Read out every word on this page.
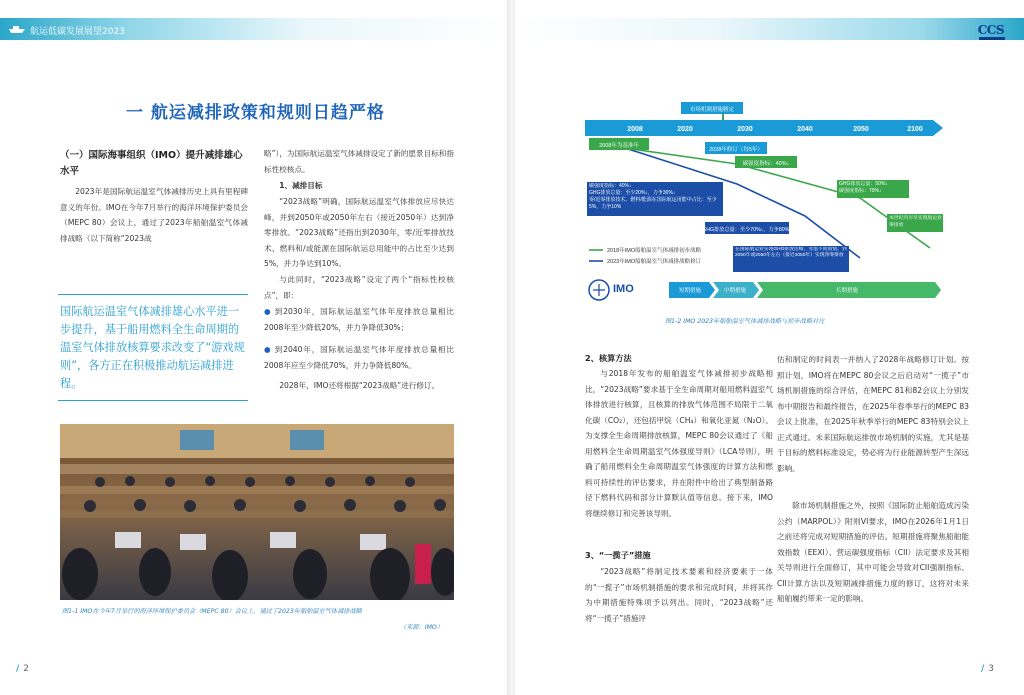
航运低碳发展展望2023
一 航运减排政策和规则日趋严格
（一）国际海事组织（IMO）提升减排雄心水平
2023年是国际航运温室气体减排历史上具有里程碑意义的年份。IMO在今年7月举行的海洋环境保护委员会（MEPC 80）会议上，通过了2023年船舶温室气体减排战略（以下简称“2023战
国际航运温室气体减排雄心水平进一步提升，基于船用燃料全生命周期的温室气体排放核算要求改变了“游戏规则”，各方正在积极推动航运减排进程。
略”），为国际航运温室气体减排设定了新的愿景目标和指标性校核点。
1、减排目标
“2023战略”明确，国际航运温室气体排放应尽快达峰，并到2050年或2050年左右（接近2050年）达到净零排放。“2023战略”还指出到2030年，零/近零排放技术、燃料和/或能源在国际航运总用能中的占比至少达到5%，并力争达到10%。
与此同时，“2023战略”设定了两个“指标性校核点”，即：
● 到2030年，国际航运温室气体年度排放总量相比2008年至少降低20%，并力争降低30%；
● 到2040年，国际航运温室气体年度排放总量相比2008年应至少降低70%，并力争降低80%。
2028年，IMO还将根据“2023战略”进行修订。
图1-1 IMO在今年7月举行的海洋环境保护委员会（MEPC 80）会议上，通过了2023年船舶温室气体减排战略
（来源：IMO）
/ 2
CCS
2008	2020	2030	2040	2050	2100
市场机制措施制定
2008年为基准年
2028年修订（每5年）
碳强度指标：40%↓
碳强度指标：40%↓
GHG排放总量：至少20%↓，力争30%↓
零/近零排放技术、燃料/能源在国际航运用能中占比：至少5%，力争10%
GHG排放总量：至少70%↓，力争80%↓
GHG排放总量：50%↓
碳强度指标：70%↓
本世纪内尽早实现航运业零排放
在国际航运业实现GHG排放达峰，考虑不同国情，到2050年或2050年左右（接近2050年）实现净零排放
2018年IMO船舶温室气体减排初步战略
2023年IMO船舶温室气体减排战略修订
IMO	短期措施	中期措施	长期措施
图1-2 IMO 2023年船舶温室气体减排战略与初步战略对比
2、核算方法
与2018年发布的船舶温室气体减排初步战略相比，“2023战略”要求基于全生命周期对船用燃料温室气体排放进行核算，且核算的排放气体范围不局限于二氧化碳（CO₂），还包括甲烷（CH₄）和氧化亚氮（N₂O）。为支撑全生命周期排放核算，MEPC 80会议通过了《船用燃料全生命周期温室气体强度导则》（LCA导则），明确了船用燃料全生命周期温室气体强度的计算方法和燃料可持续性的评估要求，并在附件中给出了典型制备路径下燃料代码和部分计算默认值等信息。接下来，IMO将继续修订和完善该导则。
3、“一揽子”措施
“2023战略”将制定技术要素和经济要素于一体的“一揽子”市场机制措施的要求和完成时间，并将其作为中期措施特殊项予以列出。同时，“2023战略”还将“一揽子”措施评
估和制定的时间表一并纳入了2028年战略修订计划。按照计划，IMO将在MEPC 80会议之后启动对“一揽子”市场机制措施的综合评估，在MEPC 81和82会议上分别发布中期报告和最终报告，在2025年春季举行的MEPC 83会议上批准，在2025年秋季举行的MEPC 83特别会议上正式通过。未来国际航运排放市场机制的实施，尤其是基于目标的燃料标准设定，势必将为行业能源转型产生深远影响。
除市场机制措施之外，按照《国际防止船舶造成污染公约（MARPOL）》附则VI要求，IMO在2026年1月1日之前还将完成对短期措施的评估。短期措施将聚焦船舶能效指数（EEXI）、营运碳强度指标（CII）法定要求及其相关导则进行全面修订，其中可能会导致对CII强制指标、CII计算方法以及短期减排措施力度的修订，这将对未来船舶履约带来一定的影响。
/ 3
